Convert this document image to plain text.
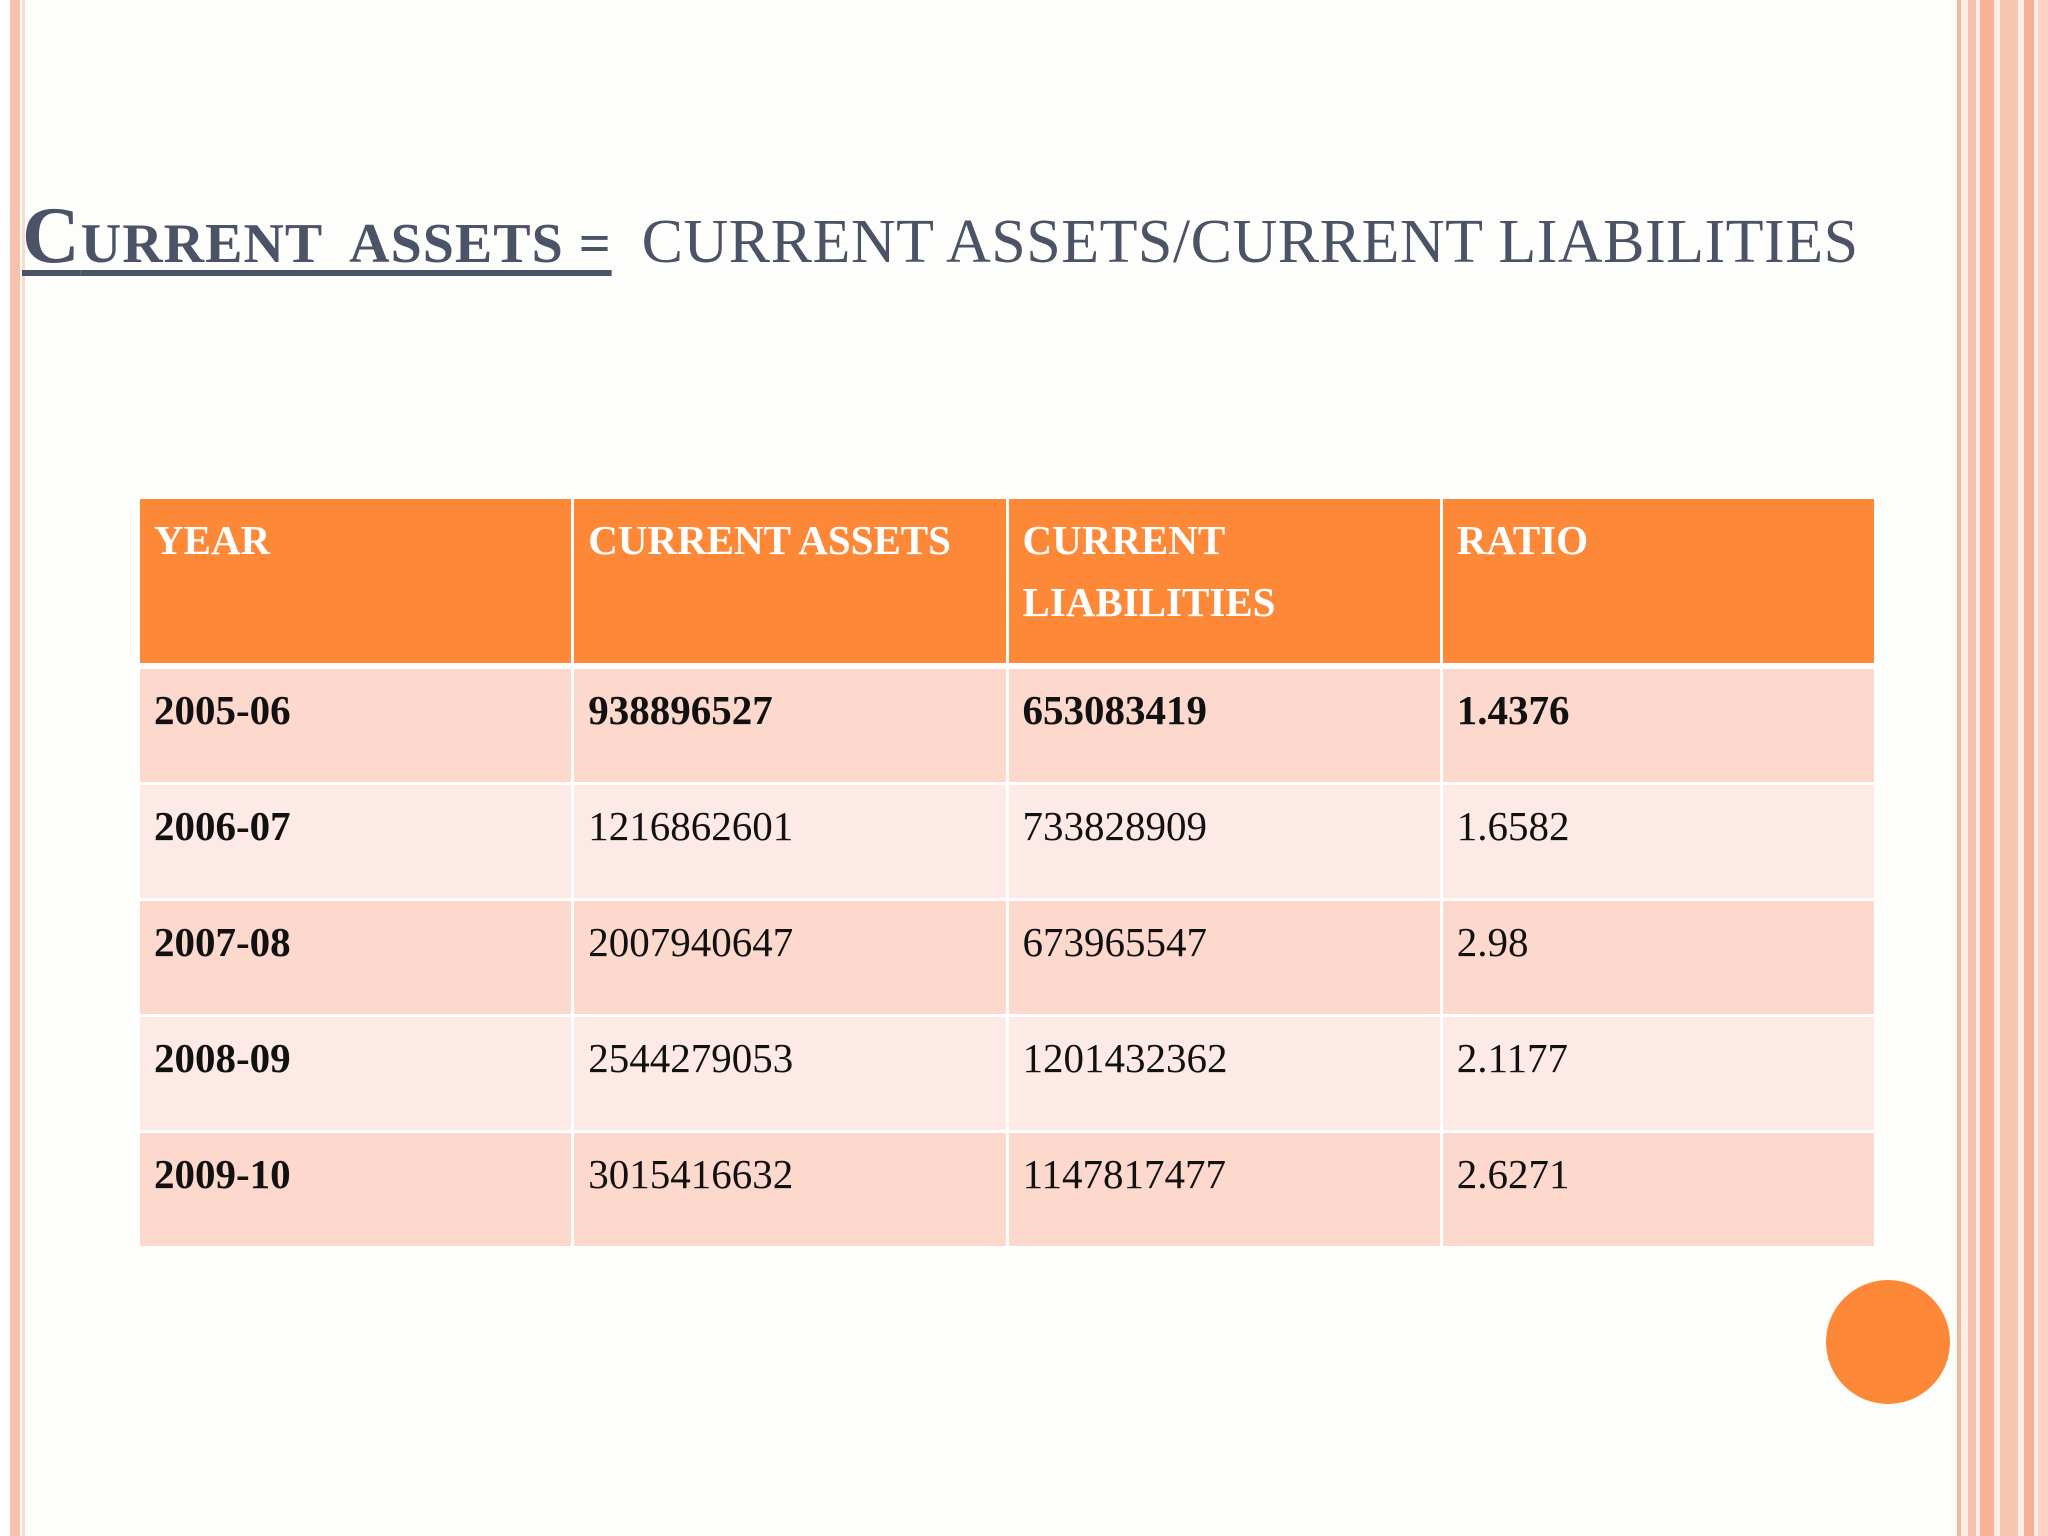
CURRENT  ASSETS = CURRENT ASSETS/CURRENT LIABILITIES
YEAR	CURRENT ASSETS	CURRENT LIABILITIES	RATIO
2005-06	938896527	653083419	1.4376
2006-07	1216862601	733828909	1.6582
2007-08	2007940647	673965547	2.98
2008-09	2544279053	1201432362	2.1177
2009-10	3015416632	1147817477	2.6271
